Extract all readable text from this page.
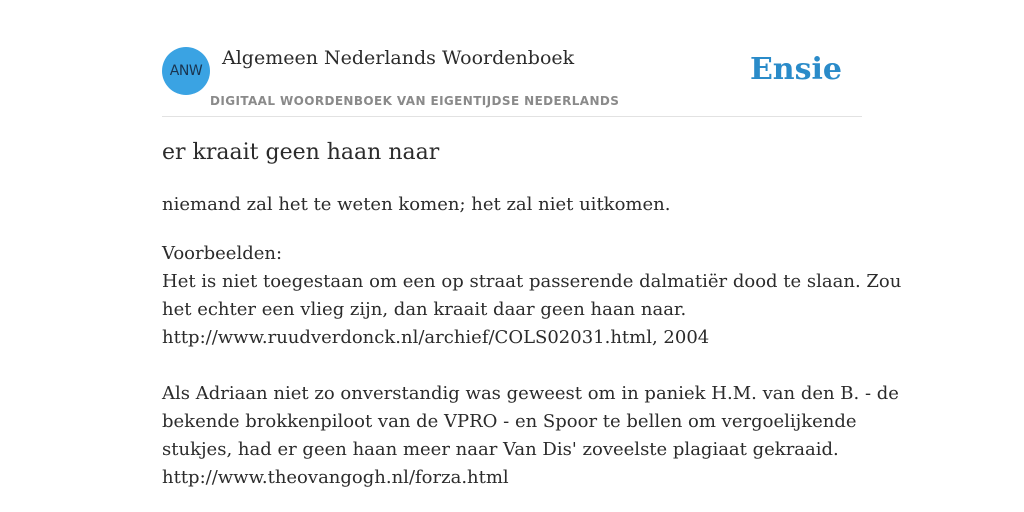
ANW
Algemeen Nederlands Woordenboek
DIGITAAL WOORDENBOEK VAN EIGENTIJDSE NEDERLANDS
Ensie
er kraait geen haan naar
niemand zal het te weten komen; het zal niet uitkomen.
Voorbeelden:
Het is niet toegestaan om een op straat passerende dalmatiër dood te slaan. Zou
het echter een vlieg zijn, dan kraait daar geen haan naar.
http://www.ruudverdonck.nl/archief/COLS02031.html, 2004
Als Adriaan niet zo onverstandig was geweest om in paniek H.M. van den B. - de
bekende brokkenpiloot van de VPRO - en Spoor te bellen om vergoelijkende
stukjes, had er geen haan meer naar Van Dis' zoveelste plagiaat gekraaid.
http://www.theovangogh.nl/forza.html
